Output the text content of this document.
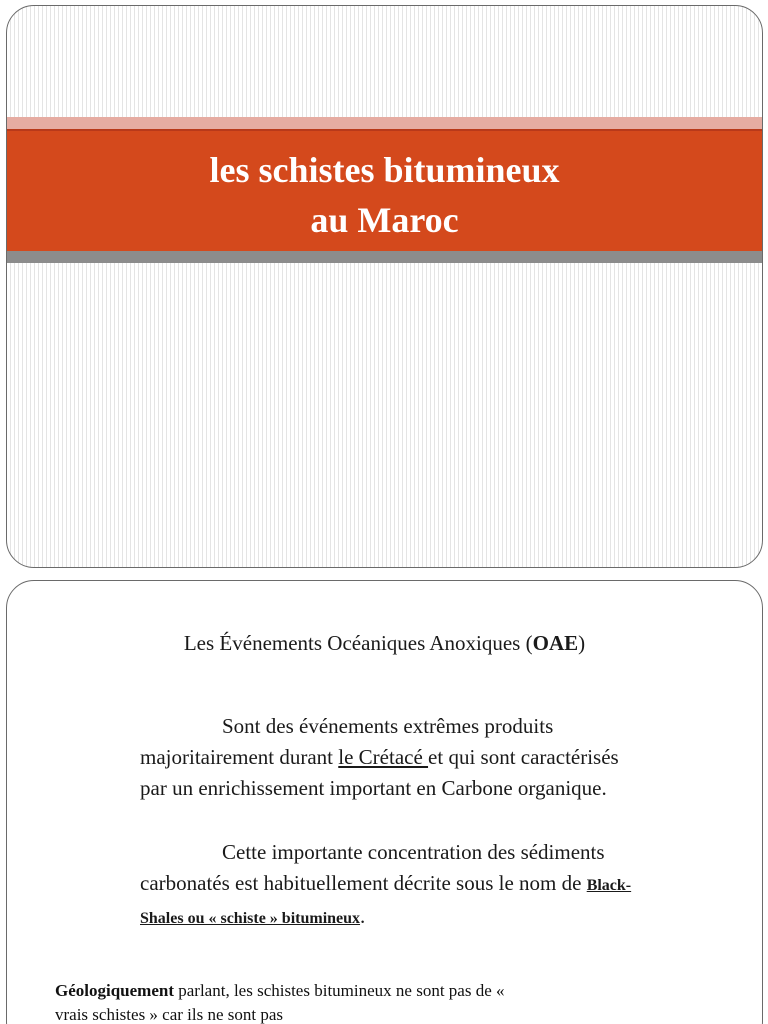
les schistes bitumineux
au Maroc
Les Événements Océaniques Anoxiques (OAE)
Sont des événements extrêmes produits majoritairement durant le Crétacé et qui sont caractérisés par un enrichissement important en Carbone organique.
Cette importante concentration des sédiments carbonatés est habituellement décrite sous le nom de Black-Shales ou « schiste » bitumineux.
Géologiquement parlant, les schistes bitumineux ne sont pas de « vrais schistes » car ils ne sont pas
